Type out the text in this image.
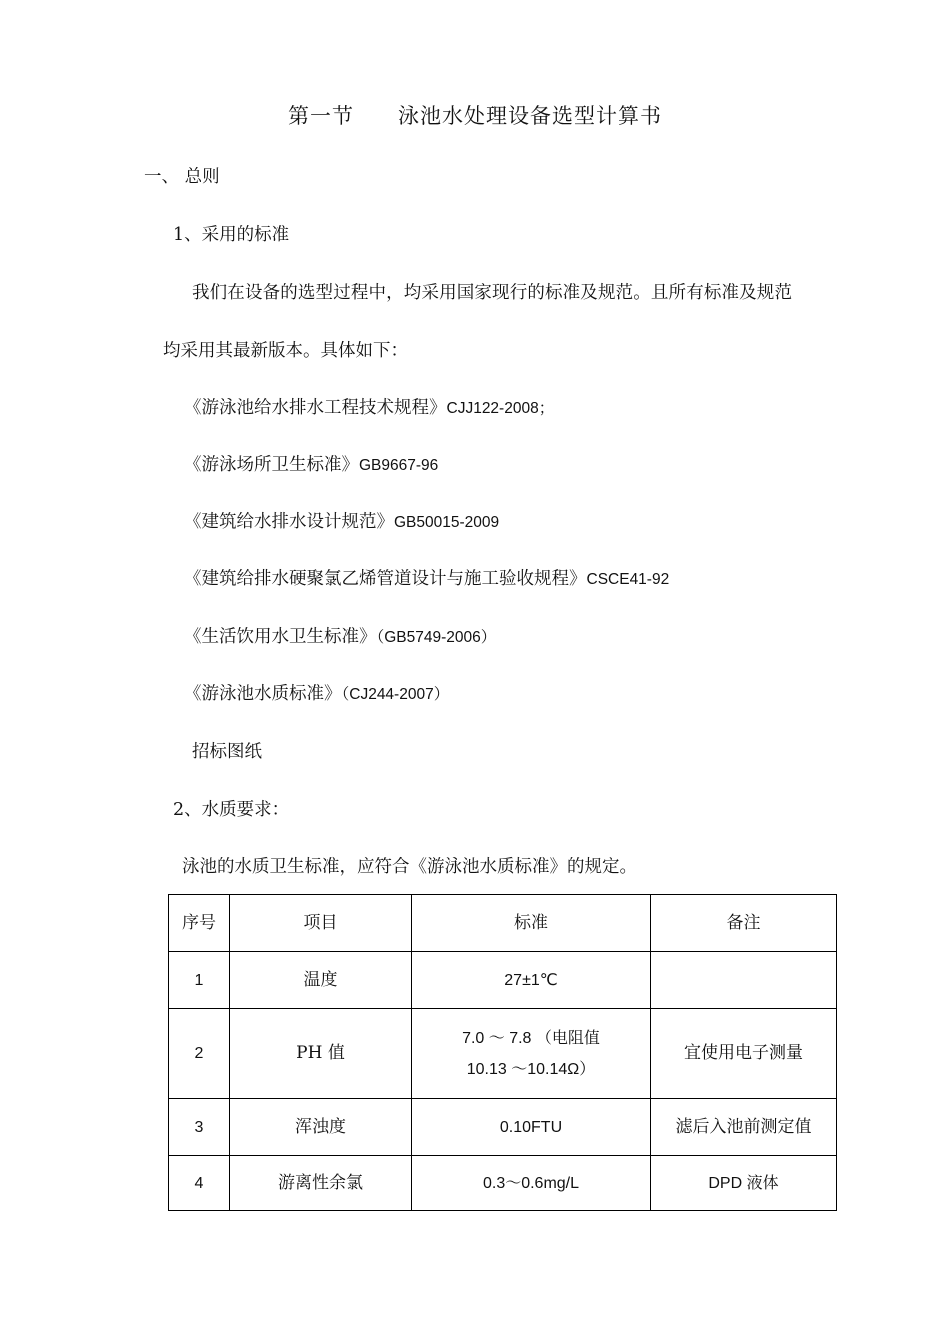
第一节 泳池水处理设备选型计算书
一、 总则
1、采用的标准
我们在设备的选型过程中，均采用国家现行的标准及规范。且所有标准及规范
均采用其最新版本。具体如下：
《游泳池给水排水工程技术规程》CJJ122-2008；
《游泳场所卫生标准》GB9667-96
《建筑给水排水设计规范》GB50015-2009
《建筑给排水硬聚氯乙烯管道设计与施工验收规程》CSCE41-92
《生活饮用水卫生标准》（GB5749-2006）
《游泳池水质标准》（CJ244-2007）
招标图纸
2、水质要求：
泳池的水质卫生标准，应符合《游泳池水质标准》的规定。
序号	项目	标准	备注
1	温度	27±1℃	
2	PH 值	7.0 ～ 7.8 （电阻值 10.13 ～10.14Ω）	宜使用电子测量
3	浑浊度	0.10FTU	滤后入池前测定值
4	游离性余氯	0.3～0.6mg/L	DPD 液体
